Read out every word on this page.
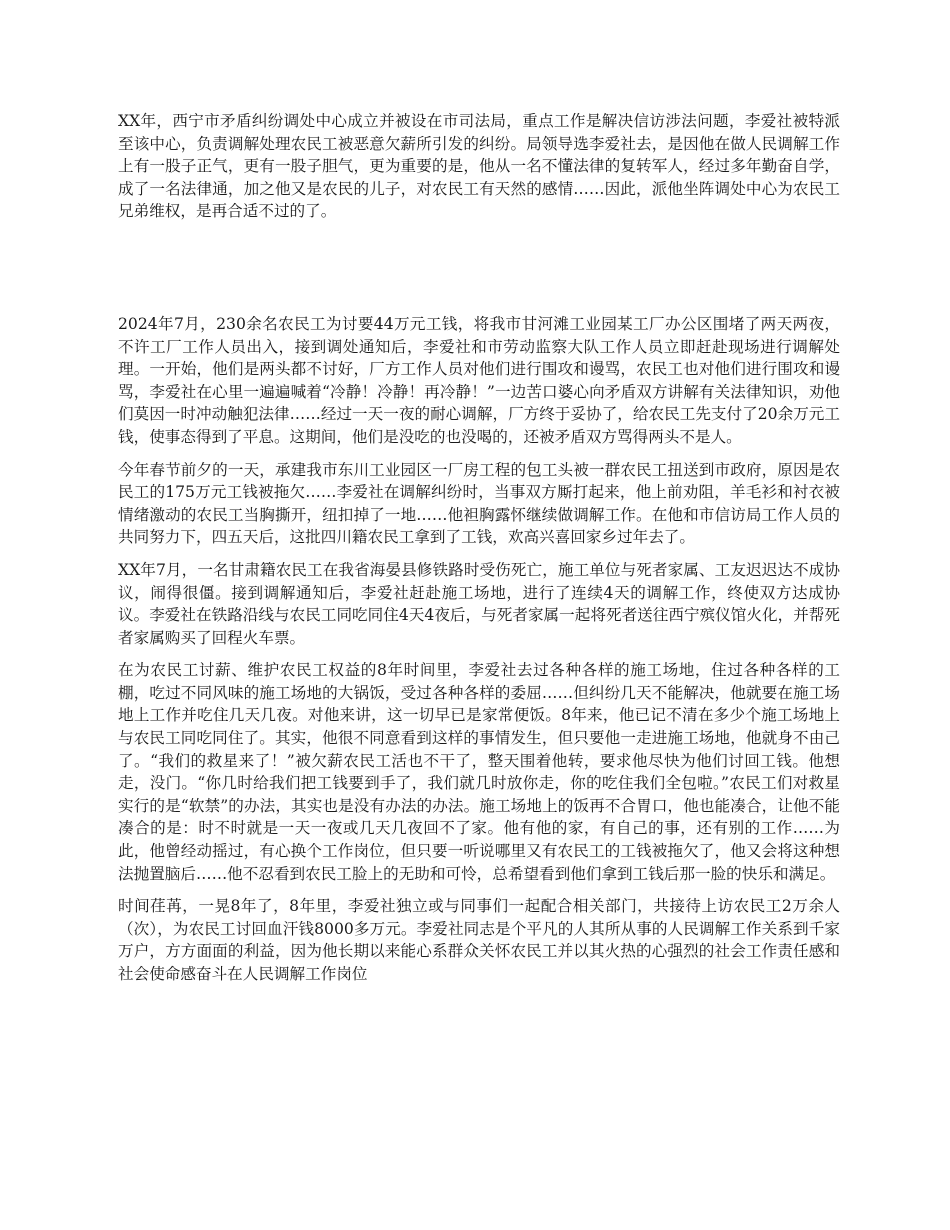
XX年，西宁市矛盾纠纷调处中心成立并被设在市司法局，重点工作是解决信访涉法问题，李爱社被特派至该中心，负责调解处理农民工被恶意欠薪所引发的纠纷。局领导选李爱社去，是因他在做人民调解工作上有一股子正气，更有一股子胆气，更为重要的是，他从一名不懂法律的复转军人，经过多年勤奋自学，成了一名法律通，加之他又是农民的儿子，对农民工有天然的感情……因此，派他坐阵调处中心为农民工兄弟维权，是再合适不过的了。

2024年7月，230余名农民工为讨要44万元工钱，将我市甘河滩工业园某工厂办公区围堵了两天两夜，不许工厂工作人员出入，接到调处通知后，李爱社和市劳动监察大队工作人员立即赶赴现场进行调解处理。一开始，他们是两头都不讨好，厂方工作人员对他们进行围攻和谩骂，农民工也对他们进行围攻和谩骂，李爱社在心里一遍遍喊着“冷静！冷静！再冷静！”一边苦口婆心向矛盾双方讲解有关法律知识，劝他们莫因一时冲动触犯法律……经过一天一夜的耐心调解，厂方终于妥协了，给农民工先支付了20余万元工钱，使事态得到了平息。这期间，他们是没吃的也没喝的，还被矛盾双方骂得两头不是人。

今年春节前夕的一天，承建我市东川工业园区一厂房工程的包工头被一群农民工扭送到市政府，原因是农民工的175万元工钱被拖欠……李爱社在调解纠纷时，当事双方厮打起来，他上前劝阻，羊毛衫和衬衣被情绪激动的农民工当胸撕开，纽扣掉了一地……他袒胸露怀继续做调解工作。在他和市信访局工作人员的共同努力下，四五天后，这批四川籍农民工拿到了工钱，欢高兴喜回家乡过年去了。

XX年7月，一名甘肃籍农民工在我省海晏县修铁路时受伤死亡，施工单位与死者家属、工友迟迟达不成协议，闹得很僵。接到调解通知后，李爱社赶赴施工场地，进行了连续4天的调解工作，终使双方达成协议。李爱社在铁路沿线与农民工同吃同住4天4夜后，与死者家属一起将死者送往西宁殡仪馆火化，并帮死者家属购买了回程火车票。

在为农民工讨薪、维护农民工权益的8年时间里，李爱社去过各种各样的施工场地，住过各种各样的工棚，吃过不同风味的施工场地的大锅饭，受过各种各样的委屈……但纠纷几天不能解决，他就要在施工场地上工作并吃住几天几夜。对他来讲，这一切早已是家常便饭。8年来，他已记不清在多少个施工场地上与农民工同吃同住了。其实，他很不同意看到这样的事情发生，但只要他一走进施工场地，他就身不由己了。“我们的救星来了！”被欠薪农民工活也不干了，整天围着他转，要求他尽快为他们讨回工钱。他想走，没门。“你几时给我们把工钱要到手了，我们就几时放你走，你的吃住我们全包啦。”农民工们对救星实行的是“软禁”的办法，其实也是没有办法的办法。施工场地上的饭再不合胃口，他也能凑合，让他不能凑合的是：时不时就是一天一夜或几天几夜回不了家。他有他的家，有自己的事，还有别的工作……为此，他曾经动摇过，有心换个工作岗位，但只要一听说哪里又有农民工的工钱被拖欠了，他又会将这种想法抛置脑后……他不忍看到农民工脸上的无助和可怜，总希望看到他们拿到工钱后那一脸的快乐和满足。

时间荏苒，一晃8年了，8年里，李爱社独立或与同事们一起配合相关部门，共接待上访农民工2万余人（次），为农民工讨回血汗钱8000多万元。李爱社同志是个平凡的人其所从事的人民调解工作关系到千家万户，方方面面的利益，因为他长期以来能心系群众关怀农民工并以其火热的心强烈的社会工作责任感和社会使命感奋斗在人民调解工作岗位
